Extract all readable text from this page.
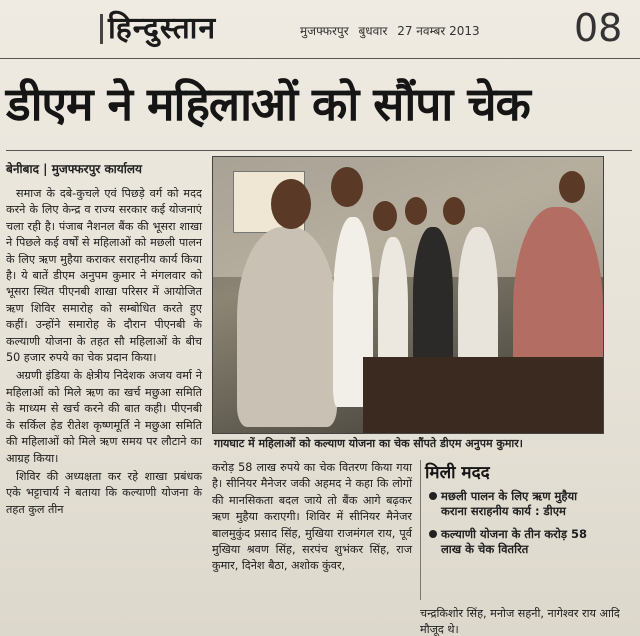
हिन्दुस्तान	मुजफ्फरपुर बुधवार 27 नवम्बर 2013 08
डीएम ने महिलाओं को सौंपा चेक
बेनीबाद | मुजफ्फरपुर कार्यालय

समाज के दबे-कुचले एवं पिछड़े वर्ग को मदद करने के लिए केन्द्र व राज्य सरकार कई योजनाएं चला रही है। पंजाब नैशनल बैंक की भूसरा शाखा ने पिछले कई वर्षों से महिलाओं को मछली पालन के लिए ऋण मुहैया कराकर सराहनीय कार्य किया है। ये बातें डीएम अनुपम कुमार ने मंगलवार को भूसरा स्थित पीएनबी शाखा परिसर में आयोजित ऋण शिविर समारोह को सम्बोधित करते हुए कहीं। उन्होंने समारोह के दौरान पीएनबी के कल्याणी योजना के तहत सौ महिलाओं के बीच 50 हजार रुपये का चेक प्रदान किया।

अग्रणी इंडिया के क्षेत्रीय निदेशक अजय वर्मा ने महिलाओं को मिले ऋण का खर्च मछुआ समिति के माध्यम से खर्च करने की बात कही। पीएनबी के सर्किल हेड रीतेश कृष्णमूर्ति ने मछुआ समिति की महिलाओं को मिले ऋण समय पर लौटाने का आग्रह किया।

शिविर की अध्यक्षता कर रहे शाखा प्रबंधक एके भट्टाचार्य ने बताया कि कल्याणी योजना के तहत कुल तीन

गायघाट में महिलाओं को कल्याण योजना का चेक सौंपते डीएम अनुपम कुमार।

करोड़ 58 लाख रुपये का चेक वितरण किया गया है। सीनियर मैनेजर जकी अहमद ने कहा कि लोगों की मानसिकता बदल जाये तो बैंक आगे बढ़कर ऋण मुहैया कराएगी। शिविर में सीनियर मैनेजर बालमुकुंद प्रसाद सिंह, मुखिया राजमंगल राय, पूर्व मुखिया श्रवण सिंह, सरपंच शुभंकर सिंह, राज कुमार, दिनेश बैठा, अशोक कुंवर,

मिली मदद
मछली पालन के लिए ऋण मुहैया कराना सराहनीय कार्य : डीएम
कल्याणी योजना के तीन करोड़ 58 लाख के चेक वितरित
चन्द्रकिशोर सिंह, मनोज सहनी, नागेश्वर राय आदि मौजूद थे।
